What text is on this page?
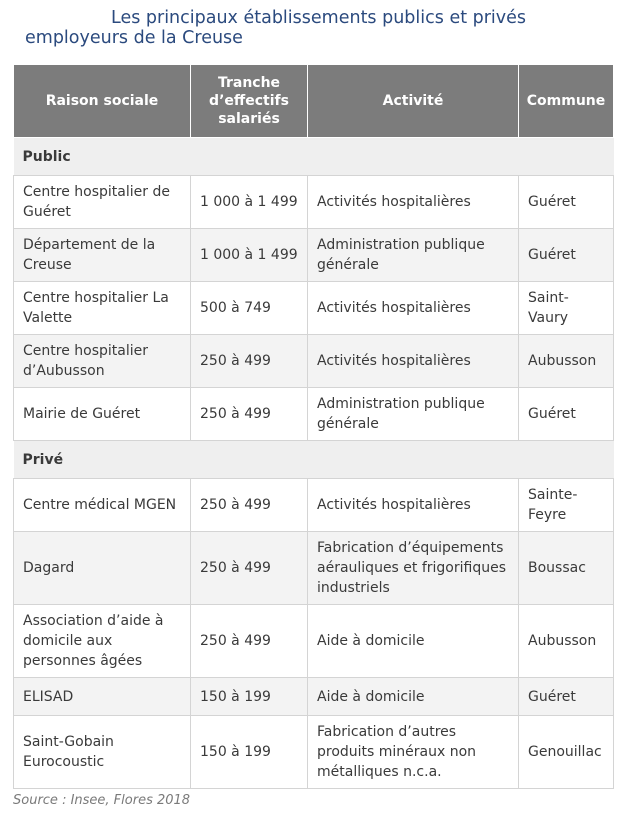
Les principaux établissements publics et privés
employeurs de la Creuse
Raison sociale	Tranche d’effectifs salariés	Activité	Commune
Public			
Centre hospitalier de Guéret	1 000 à 1 499	Activités hospitalières	Guéret
Département de la Creuse	1 000 à 1 499	Administration publique générale	Guéret
Centre hospitalier La Valette	500 à 749	Activités hospitalières	Saint-Vaury
Centre hospitalier d’Aubusson	250 à 499	Activités hospitalières	Aubusson
Mairie de Guéret	250 à 499	Administration publique générale	Guéret
Privé			
Centre médical MGEN	250 à 499	Activités hospitalières	Sainte-Feyre
Dagard	250 à 499	Fabrication d’équipements aérauliques et frigorifiques industriels	Boussac
Association d’aide à domicile aux personnes âgées	250 à 499	Aide à domicile	Aubusson
ELISAD	150 à 199	Aide à domicile	Guéret
Saint-Gobain Eurocoustic	150 à 199	Fabrication d’autres produits minéraux non métalliques n.c.a.	Genouillac
Source : Insee, Flores 2018
